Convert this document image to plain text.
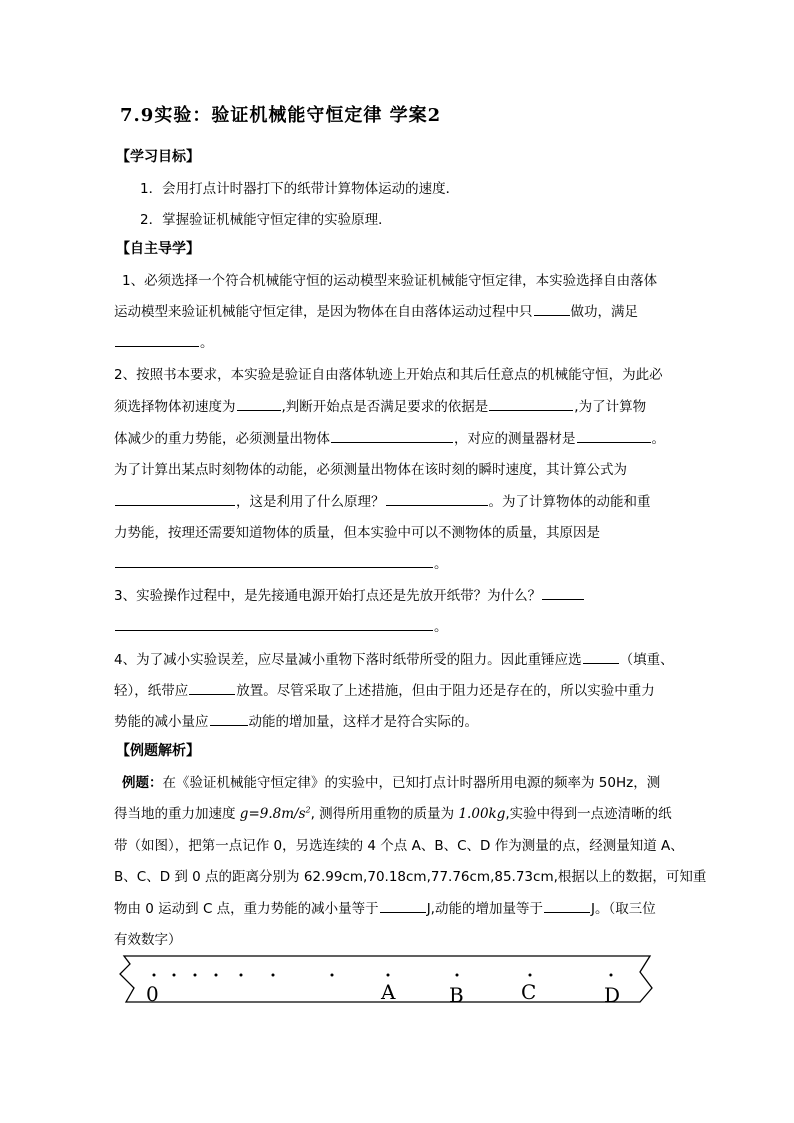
7.9实验：验证机械能守恒定律 学案2
【学习目标】
1．会用打点计时器打下的纸带计算物体运动的速度．
2．掌握验证机械能守恒定律的实验原理．
【自主导学】
1、必须选择一个符合机械能守恒的运动模型来验证机械能守恒定律，本实验选择自由落体
运动模型来验证机械能守恒定律，是因为物体在自由落体运动过程中只	做功，满足
。
2、按照书本要求，本实验是验证自由落体轨迹上开始点和其后任意点的机械能守恒，为此必
须选择物体初速度为	,判断开始点是否满足要求的依据是	,为了计算物
体减少的重力势能，必须测量出物体	，对应的测量器材是	。
为了计算出某点时刻物体的动能，必须测量出物体在该时刻的瞬时速度，其计算公式为
，这是利用了什么原理？	。为了计算物体的动能和重
力势能，按理还需要知道物体的质量，但本实验中可以不测物体的质量，其原因是
。
3、实验操作过程中，是先接通电源开始打点还是先放开纸带？为什么？
。
4、为了减小实验误差，应尽量减小重物下落时纸带所受的阻力。因此重锤应选	（填重、
轻），纸带应	放置。尽管采取了上述措施，但由于阻力还是存在的，所以实验中重力
势能的减小量应	动能的增加量，这样才是符合实际的。
【例题解析】
例题：在《验证机械能守恒定律》的实验中，已知打点计时器所用电源的频率为 50Hz，测
得当地的重力加速度 $g=9.8m/s^2$, 测得所用重物的质量为 1.00kg,实验中得到一点迹清晰的纸
带（如图），把第一点记作 0，另选连续的 4 个点 A、B、C、D 作为测量的点，经测量知道 A、
B、C、D 到 0 点的距离分别为 62.99cm,70.18cm,77.76cm,85.73cm,根据以上的数据，可知重
物由 0 运动到 C 点，重力势能的减小量等于	J,动能的增加量等于	J。（取三位
有效数字）
0	A	B	C	D
